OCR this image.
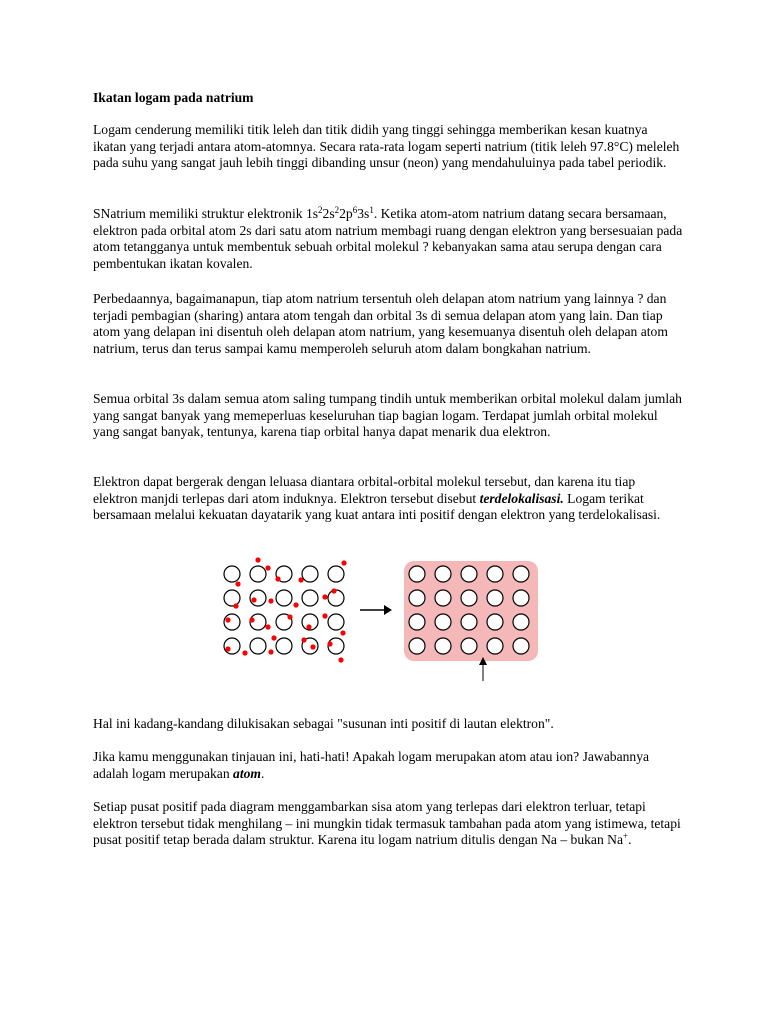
Ikatan logam pada natrium
Logam cenderung memiliki titik leleh dan titik didih yang tinggi sehingga memberikan kesan kuatnya ikatan yang terjadi antara atom-atomnya. Secara rata-rata logam seperti natrium (titik leleh 97.8°C) meleleh pada suhu yang sangat jauh lebih tinggi dibanding unsur (neon) yang mendahuluinya pada tabel periodik.
SNatrium memiliki struktur elektronik $1s^22s^22p^63s^1$. Ketika atom-atom natrium datang secara bersamaan, elektron pada orbital atom 2s dari satu atom natrium membagi ruang dengan elektron yang bersesuaian pada atom tetangganya untuk membentuk sebuah orbital molekul ? kebanyakan sama atau serupa dengan cara pembentukan ikatan kovalen.
Perbedaannya, bagaimanapun, tiap atom natrium tersentuh oleh delapan atom natrium yang lainnya ? dan terjadi pembagian (sharing) antara atom tengah dan orbital 3s di semua delapan atom yang lain. Dan tiap atom yang delapan ini disentuh oleh delapan atom natrium, yang kesemuanya disentuh oleh delapan atom natrium, terus dan terus sampai kamu memperoleh seluruh atom dalam bongkahan natrium.
Semua orbital 3s dalam semua atom saling tumpang tindih untuk memberikan orbital molekul dalam jumlah yang sangat banyak yang memeperluas keseluruhan tiap bagian logam. Terdapat jumlah orbital molekul yang sangat banyak, tentunya, karena tiap orbital hanya dapat menarik dua elektron.
Elektron dapat bergerak dengan leluasa diantara orbital-orbital molekul tersebut, dan karena itu tiap elektron manjdi terlepas dari atom induknya. Elektron tersebut disebut terdelokalisasi. Logam terikat bersamaan melalui kekuatan dayatarik yang kuat antara inti positif dengan elektron yang terdelokalisasi.
Hal ini kadang-kandang dilukisakan sebagai "susunan inti positif di lautan elektron".
Jika kamu menggunakan tinjauan ini, hati-hati! Apakah logam merupakan atom atau ion? Jawabannya adalah logam merupakan atom.
Setiap pusat positif pada diagram menggambarkan sisa atom yang terlepas dari elektron terluar, tetapi elektron tersebut tidak menghilang – ini mungkin tidak termasuk tambahan pada atom yang istimewa, tetapi pusat positif tetap berada dalam struktur. Karena itu logam natrium ditulis dengan Na – bukan Na+.
